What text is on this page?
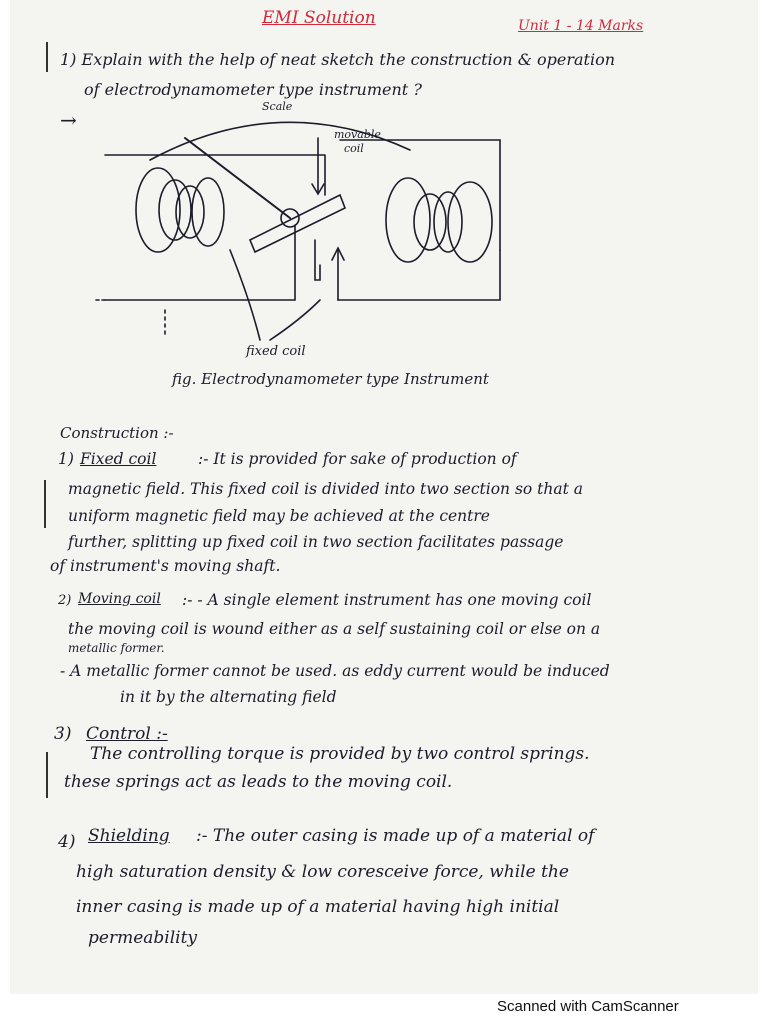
EMI Solution	Unit 1 - 14 Marks
1) Explain with the help of neat sketch the construction & operation
of electrodynamometer type instrument ?
→
Scale
movable
coil
fixed coil
fig. Electrodynamometer type Instrument
Construction :-
1) Fixed coil	:- It is provided for sake of production of
magnetic field. This fixed coil is divided into two section so that a
uniform magnetic field may be achieved at the centre
further, splitting up fixed coil in two section facilitates passage
of instrument's moving shaft.
2) Moving coil :- - A single element instrument has one moving coil
the moving coil is wound either as a self sustaining coil or else on a
metallic former.
- A metallic former cannot be used. as eddy current would be induced
in it by the alternating field
3) Control :-
The controlling torque is provided by two control springs.
these springs act as leads to the moving coil.
4) Shielding :- The outer casing is made up of a material of
high saturation density & low coresceive force, while the
inner casing is made up of a material having high initial
permeability
Scanned with CamScanner
